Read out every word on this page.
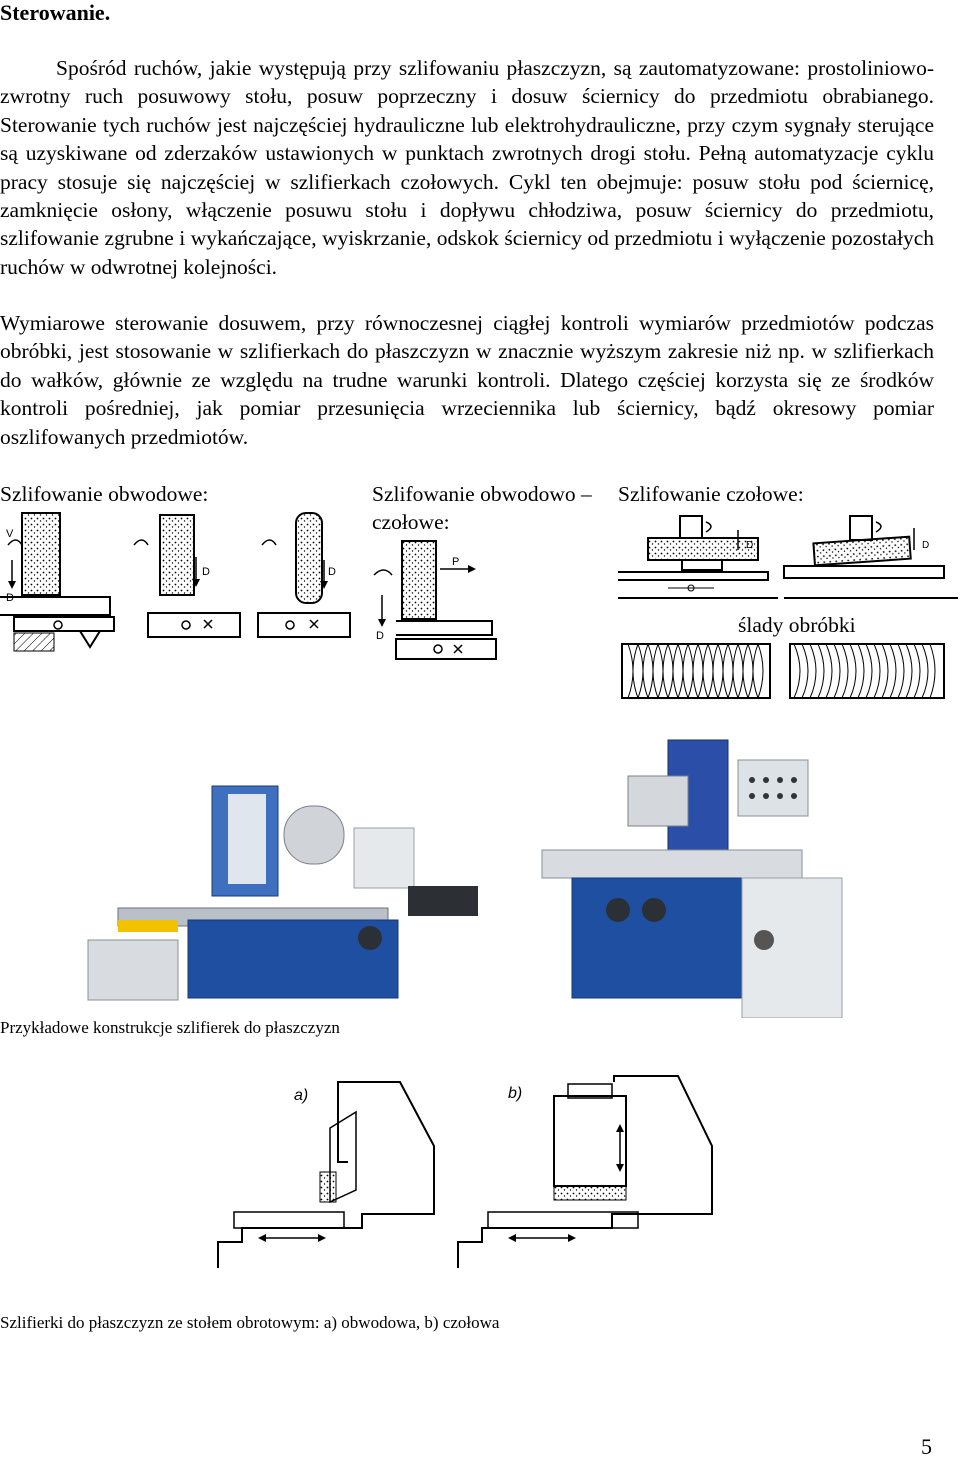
Sterowanie.

Spośród ruchów, jakie występują przy szlifowaniu płaszczyzn, są zautomatyzowane: prostoliniowo-zwrotny ruch posuwowy stołu, posuw poprzeczny i dosuw ściernicy do przedmiotu obrabianego. Sterowanie tych ruchów jest najczęściej hydrauliczne lub elektrohydrauliczne, przy czym sygnały sterujące są uzyskiwane od zderzaków ustawionych w punktach zwrotnych drogi stołu. Pełną automatyzacje cyklu pracy stosuje się najczęściej w szlifierkach czołowych. Cykl ten obejmuje: posuw stołu pod ściernicę, zamknięcie osłony, włączenie posuwu stołu i dopływu chłodziwa, posuw ściernicy do przedmiotu, szlifowanie zgrubne i wykańczające, wyiskrzanie, odskok ściernicy od przedmiotu i wyłączenie pozostałych ruchów w odwrotnej kolejności.

Wymiarowe sterowanie dosuwem, przy równoczesnej ciągłej kontroli wymiarów przedmiotów podczas obróbki, jest stosowanie w szlifierkach do płaszczyzn w znacznie wyższym zakresie niż np. w szlifierkach do wałków, głównie ze względu na trudne warunki kontroli. Dlatego częściej korzysta się ze środków kontroli pośredniej, jak pomiar przesunięcia wrzeciennika lub ściernicy, bądź okresowy pomiar oszlifowanych przedmiotów.

Szlifowanie obwodowe:	Szlifowanie obwodowo – czołowe:
Szlifowanie czołowe:
V
D
D	D
P
D
D	D
ślady obróbki
Przykładowe konstrukcje szlifierek do płaszczyzn
a)	b)
Szlifierki do płaszczyzn ze stołem obrotowym: a) obwodowa, b) czołowa
5
